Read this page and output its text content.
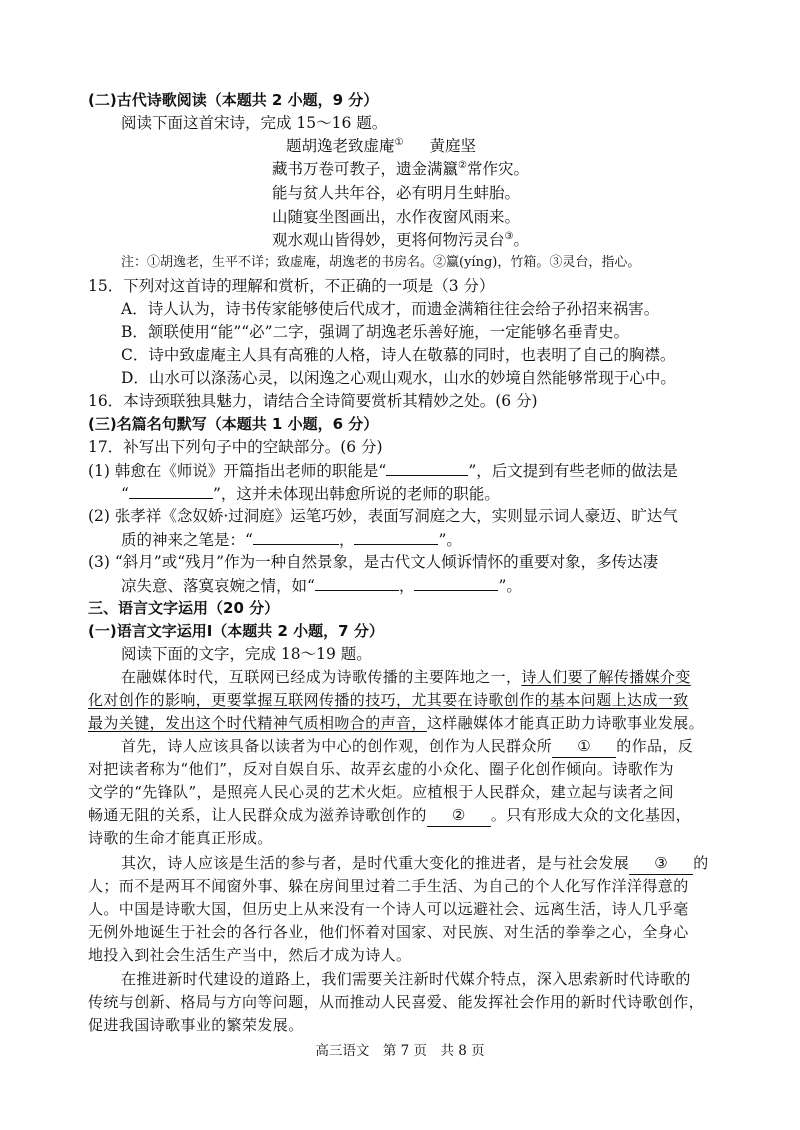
(二)古代诗歌阅读（本题共 2 小题，9 分）
阅读下面这首宋诗，完成 15～16 题。
题胡逸老致虚庵① 黄庭坚
藏书万卷可教子，遗金满籝②常作灾。
能与贫人共年谷，必有明月生蚌胎。
山随宴坐图画出，水作夜窗风雨来。
观水观山皆得妙，更将何物污灵台③。
注：①胡逸老，生平不详；致虚庵，胡逸老的书房名。②籝(yíng)，竹箱。③灵台，指心。
15．下列对这首诗的理解和赏析，不正确的一项是（3 分）
A．诗人认为，诗书传家能够使后代成才，而遗金满箱往往会给子孙招来祸害。
B．颔联使用“能”“必”二字，强调了胡逸老乐善好施，一定能够名垂青史。
C．诗中致虚庵主人具有高雅的人格，诗人在敬慕的同时，也表明了自己的胸襟。
D．山水可以涤荡心灵，以闲逸之心观山观水，山水的妙境自然能够常现于心中。
16．本诗颈联独具魅力，请结合全诗简要赏析其精妙之处。(6 分)
(三)名篇名句默写（本题共 1 小题，6 分）
17．补写出下列句子中的空缺部分。(6 分)
(1) 韩愈在《师说》开篇指出老师的职能是“	”，后文提到有些老师的做法是
“	”，这并未体现出韩愈所说的老师的职能。
(2) 张孝祥《念奴娇·过洞庭》运笔巧妙，表面写洞庭之大，实则显示词人豪迈、旷达气
质的神来之笔是：“	，	”。
(3) “斜月”或“残月”作为一种自然景象，是古代文人倾诉情怀的重要对象，多传达凄
凉失意、落寞哀婉之情，如“	，	”。
三、语言文字运用（20 分）
(一)语言文字运用Ⅰ（本题共 2 小题，7 分）
阅读下面的文字，完成 18～19 题。
在融媒体时代，互联网已经成为诗歌传播的主要阵地之一，诗人们要了解传播媒介变
化对创作的影响，更要掌握互联网传播的技巧，尤其要在诗歌创作的基本问题上达成一致
最为关键，发出这个时代精神气质相吻合的声音，这样融媒体才能真正助力诗歌事业发展。
首先，诗人应该具备以读者为中心的创作观，创作为人民群众所 ① 的作品，反
对把读者称为“他们”，反对自娱自乐、故弄玄虚的小众化、圈子化创作倾向。诗歌作为
文学的“先锋队”，是照亮人民心灵的艺术火炬。应植根于人民群众，建立起与读者之间
畅通无阻的关系，让人民群众成为滋养诗歌创作的 ② 。只有形成大众的文化基因，
诗歌的生命才能真正形成。
其次，诗人应该是生活的参与者，是时代重大变化的推进者，是与社会发展 ③ 的
人；而不是两耳不闻窗外事、躲在房间里过着二手生活、为自己的个人化写作洋洋得意的
人。中国是诗歌大国，但历史上从来没有一个诗人可以远避社会、远离生活，诗人几乎毫
无例外地诞生于社会的各行各业，他们怀着对国家、对民族、对生活的拳拳之心，全身心
地投入到社会生活生产当中，然后才成为诗人。
在推进新时代建设的道路上，我们需要关注新时代媒介特点，深入思索新时代诗歌的
传统与创新、格局与方向等问题，从而推动人民喜爱、能发挥社会作用的新时代诗歌创作，
促进我国诗歌事业的繁荣发展。
高三语文　第 7 页　共 8 页
